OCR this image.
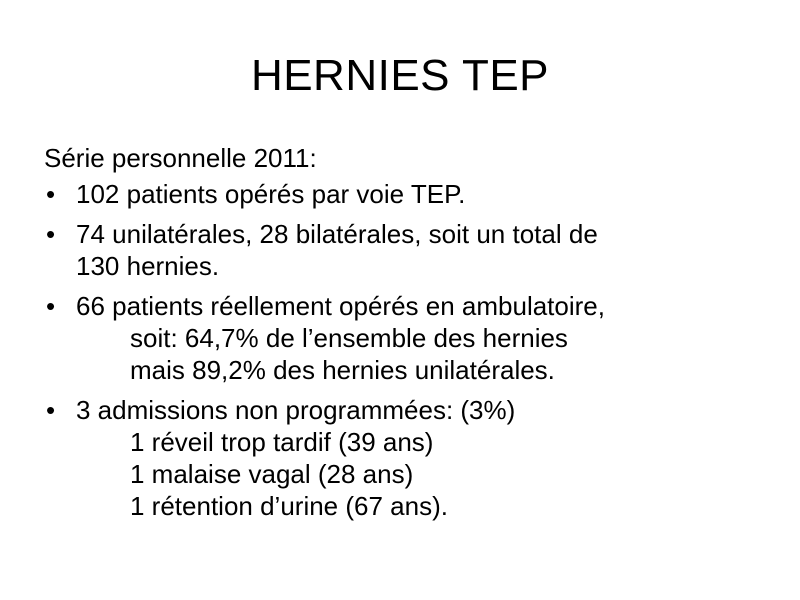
HERNIES TEP
Série personnelle 2011:
• 102 patients opérés par voie TEP.
• 74 unilatérales, 28 bilatérales, soit un total de
130 hernies.
• 66 patients réellement opérés en ambulatoire,
soit: 64,7% de l’ensemble des hernies
mais 89,2% des hernies unilatérales.
• 3 admissions non programmées: (3%)
1 réveil trop tardif (39 ans)
1 malaise vagal (28 ans)
1 rétention d’urine (67 ans).
